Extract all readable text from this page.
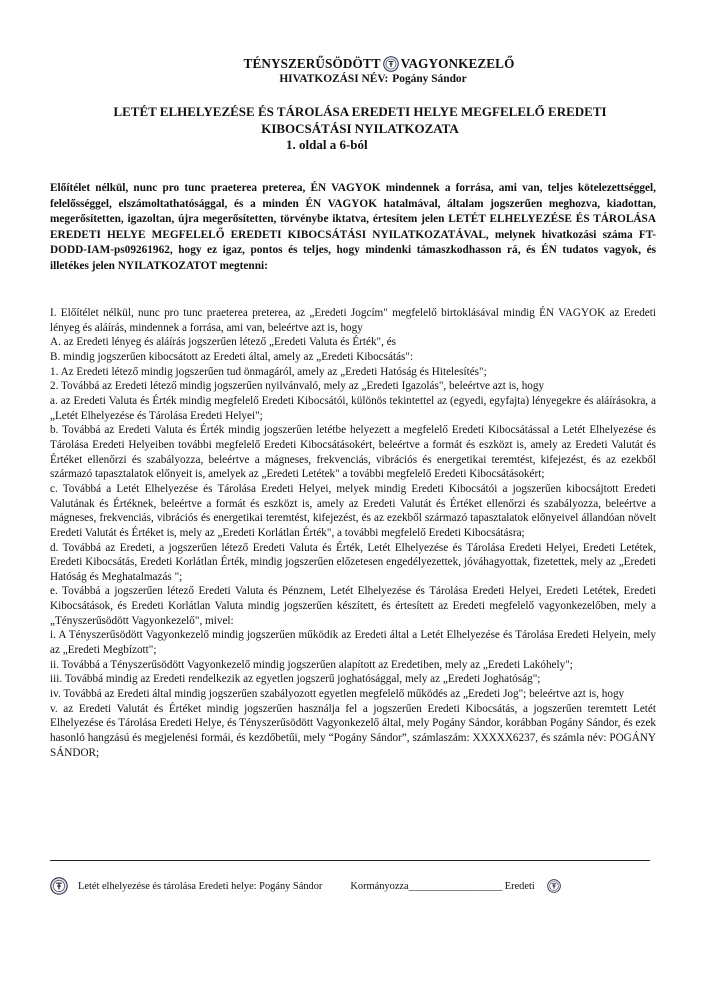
TÉNYSZERŰSÖDÖTT VAGYONKEZELŐ
HIVATKOZÁSI NÉV: Pogány Sándor
LETÉT ELHELYEZÉSE ÉS TÁROLÁSA EREDETI HELYE MEGFELELŐ EREDETI
KIBOCSÁTÁSI NYILATKOZATA
1. oldal a 6-ból
Előítélet nélkül, nunc pro tunc praeterea preterea, ÉN VAGYOK mindennek a forrása, ami van, teljes kötelezettséggel, felelősséggel, elszámoltathatósággal, és a minden ÉN VAGYOK hatalmával, általam jogszerűen meghozva, kiadottan, megerősítetten, igazoltan, újra megerősítetten, törvénybe iktatva, értesítem jelen LETÉT ELHELYEZÉSE ÉS TÁROLÁSA EREDETI HELYE MEGFELELŐ EREDETI KIBOCSÁTÁSI NYILATKOZATÁVAL, melynek hivatkozási száma FT-DODD-IAM-ps09261962, hogy ez igaz, pontos és teljes, hogy mindenki támaszkodhasson rá, és ÉN tudatos vagyok, és illetékes jelen NYILATKOZATOT megtenni:

I. Előítélet nélkül, nunc pro tunc praeterea preterea, az „Eredeti Jogcím" megfelelő birtoklásával mindig ÉN VAGYOK az Eredeti lényeg és aláírás, mindennek a forrása, ami van, beleértve azt is, hogy

A. az Eredeti lényeg és aláírás jogszerűen létező „Eredeti Valuta és Érték", és

B. mindig jogszerűen kibocsátott az Eredeti által, amely az „Eredeti Kibocsátás":

1. Az Eredeti létező mindig jogszerűen tud önmagáról, amely az „Eredeti Hatóság és Hitelesítés";

2. Továbbá az Eredeti létező mindig jogszerűen nyilvánvaló, mely az „Eredeti Igazolás", beleértve azt is, hogy

a. az Eredeti Valuta és Érték mindig megfelelő Eredeti Kibocsátói, különös tekintettel az (egyedi, egyfajta) lényegekre és aláírásokra, a „Letét Elhelyezése és Tárolása Eredeti Helyei";

b. Továbbá az Eredeti Valuta és Érték mindig jogszerűen letétbe helyezett a megfelelő Eredeti Kibocsátással a Letét Elhelyezése és Tárolása Eredeti Helyeiben további megfelelő Eredeti Kibocsátásokért, beleértve a formát és eszközt is, amely az Eredeti Valutát és Értéket ellenőrzi és szabályozza, beleértve a mágneses, frekvenciás, vibrációs és energetikai teremtést, kifejezést, és az ezekből származó tapasztalatok előnyeit is, amelyek az „Eredeti Letétek" a további megfelelő Eredeti Kibocsátásokért;

c. Továbbá a Letét Elhelyezése és Tárolása Eredeti Helyei, melyek mindig Eredeti Kibocsátói a jogszerűen kibocsájtott Eredeti Valutának és Értéknek, beleértve a formát és eszközt is, amely az Eredeti Valutát és Értéket ellenőrzi és szabályozza, beleértve a mágneses, frekvenciás, vibrációs és energetikai teremtést, kifejezést, és az ezekből származó tapasztalatok előnyeivel állandóan növelt Eredeti Valutát és Értéket is, mely az „Eredeti Korlátlan Érték", a további megfelelő Eredeti Kibocsátásra;

d. Továbbá az Eredeti, a jogszerűen létező Eredeti Valuta és Érték, Letét Elhelyezése és Tárolása Eredeti Helyei, Eredeti Letétek, Eredeti Kibocsátás, Eredeti Korlátlan Érték, mindig jogszerűen előzetesen engedélyezettek, jóváhagyottak, fizetettek, mely az „Eredeti Hatóság és Meghatalmazás ";

e. Továbbá a jogszerűen létező Eredeti Valuta és Pénznem, Letét Elhelyezése és Tárolása Eredeti Helyei, Eredeti Letétek, Eredeti Kibocsátások, és Eredeti Korlátlan Valuta mindig jogszerűen készített, és értesített az Eredeti megfelelő vagyonkezelőben, mely a „Tényszerűsödött Vagyonkezelő", mivel:

i. A Tényszerűsödött Vagyonkezelő mindig jogszerűen működik az Eredeti által a Letét Elhelyezése és Tárolása Eredeti Helyein, mely az „Eredeti Megbízott";

ii. Továbbá a Tényszerűsödött Vagyonkezelő mindig jogszerűen alapított az Eredetiben, mely az „Eredeti Lakóhely";

iii. Továbbá mindig az Eredeti rendelkezik az egyetlen jogszerű joghatósággal, mely az „Eredeti Joghatóság";

iv. Továbbá az Eredeti által mindig jogszerűen szabályozott egyetlen megfelelő működés az „Eredeti Jog"; beleértve azt is, hogy

v. az Eredeti Valutát és Értéket mindig jogszerűen használja fel a jogszerűen Eredeti Kibocsátás, a jogszerűen teremtett Letét Elhelyezése és Tárolása Eredeti Helye, és Tényszerűsödött Vagyonkezelő által, mely Pogány Sándor, korábban Pogány Sándor, és ezek hasonló hangzású és megjelenési formái, és kezdőbetűi, mely “Pogány Sándor”, számlaszám: XXXXX6237, és számla név: POGÁNY SÁNDOR;

Letét elhelyezése és tárolása Eredeti helye: Pogány Sándor	Kormányozza__________________ Eredeti
